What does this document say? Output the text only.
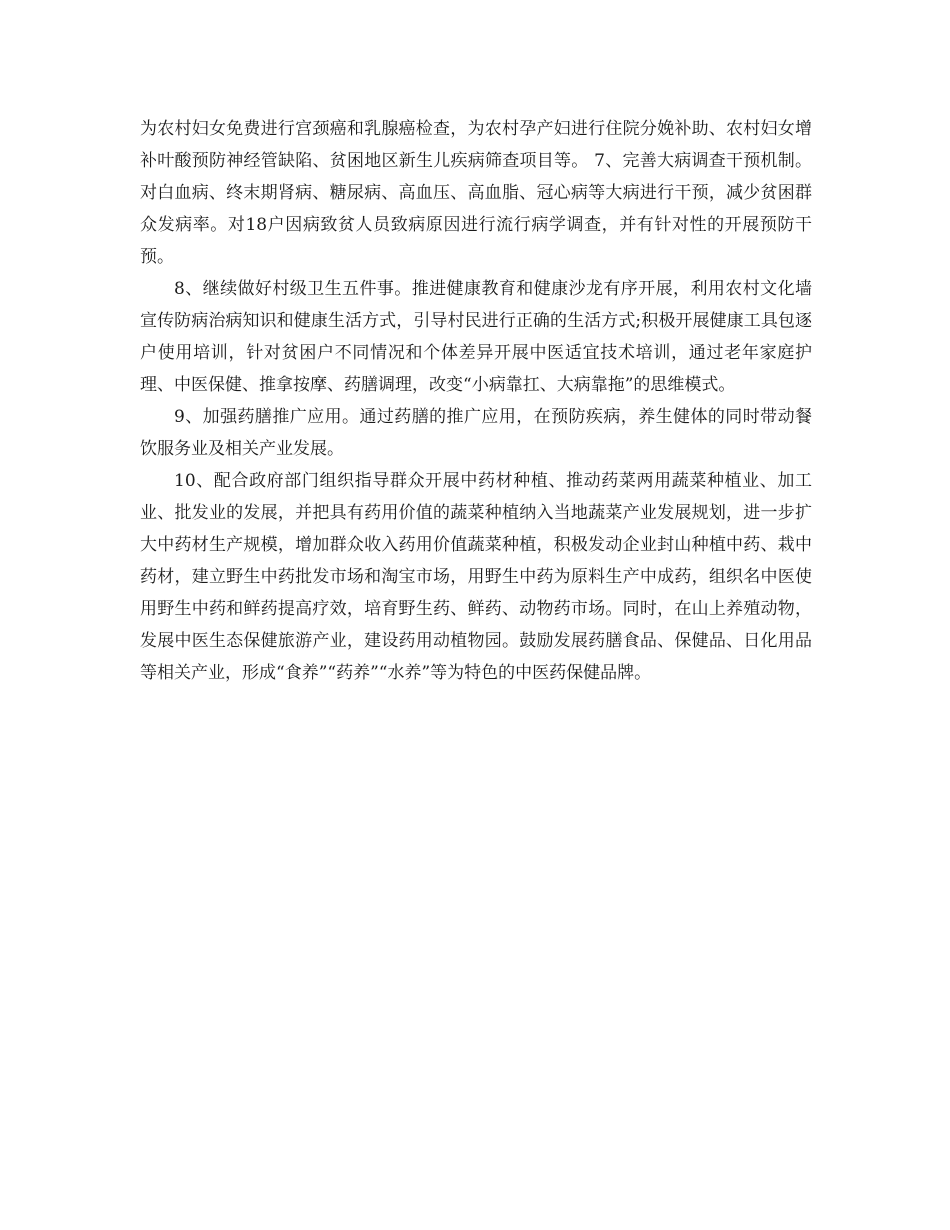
为农村妇女免费进行宫颈癌和乳腺癌检查，为农村孕产妇进行住院分娩补助、农村妇女增补叶酸预防神经管缺陷、贫困地区新生儿疾病筛查项目等。 7、完善大病调查干预机制。对白血病、终末期肾病、糖尿病、高血压、高血脂、冠心病等大病进行干预，减少贫困群众发病率。对18户因病致贫人员致病原因进行流行病学调查，并有针对性的开展预防干预。

8、继续做好村级卫生五件事。推进健康教育和健康沙龙有序开展，利用农村文化墙宣传防病治病知识和健康生活方式，引导村民进行正确的生活方式;积极开展健康工具包逐户使用培训，针对贫困户不同情况和个体差异开展中医适宜技术培训，通过老年家庭护理、中医保健、推拿按摩、药膳调理，改变“小病靠扛、大病靠拖”的思维模式。

9、加强药膳推广应用。通过药膳的推广应用，在预防疾病，养生健体的同时带动餐饮服务业及相关产业发展。

10、配合政府部门组织指导群众开展中药材种植、推动药菜两用蔬菜种植业、加工业、批发业的发展，并把具有药用价值的蔬菜种植纳入当地蔬菜产业发展规划，进一步扩大中药材生产规模，增加群众收入药用价值蔬菜种植，积极发动企业封山种植中药、栽中药材，建立野生中药批发市场和淘宝市场，用野生中药为原料生产中成药，组织名中医使用野生中药和鲜药提高疗效，培育野生药、鲜药、动物药市场。同时，在山上养殖动物，发展中医生态保健旅游产业，建设药用动植物园。鼓励发展药膳食品、保健品、日化用品等相关产业，形成“食养”“药养”“水养”等为特色的中医药保健品牌。
